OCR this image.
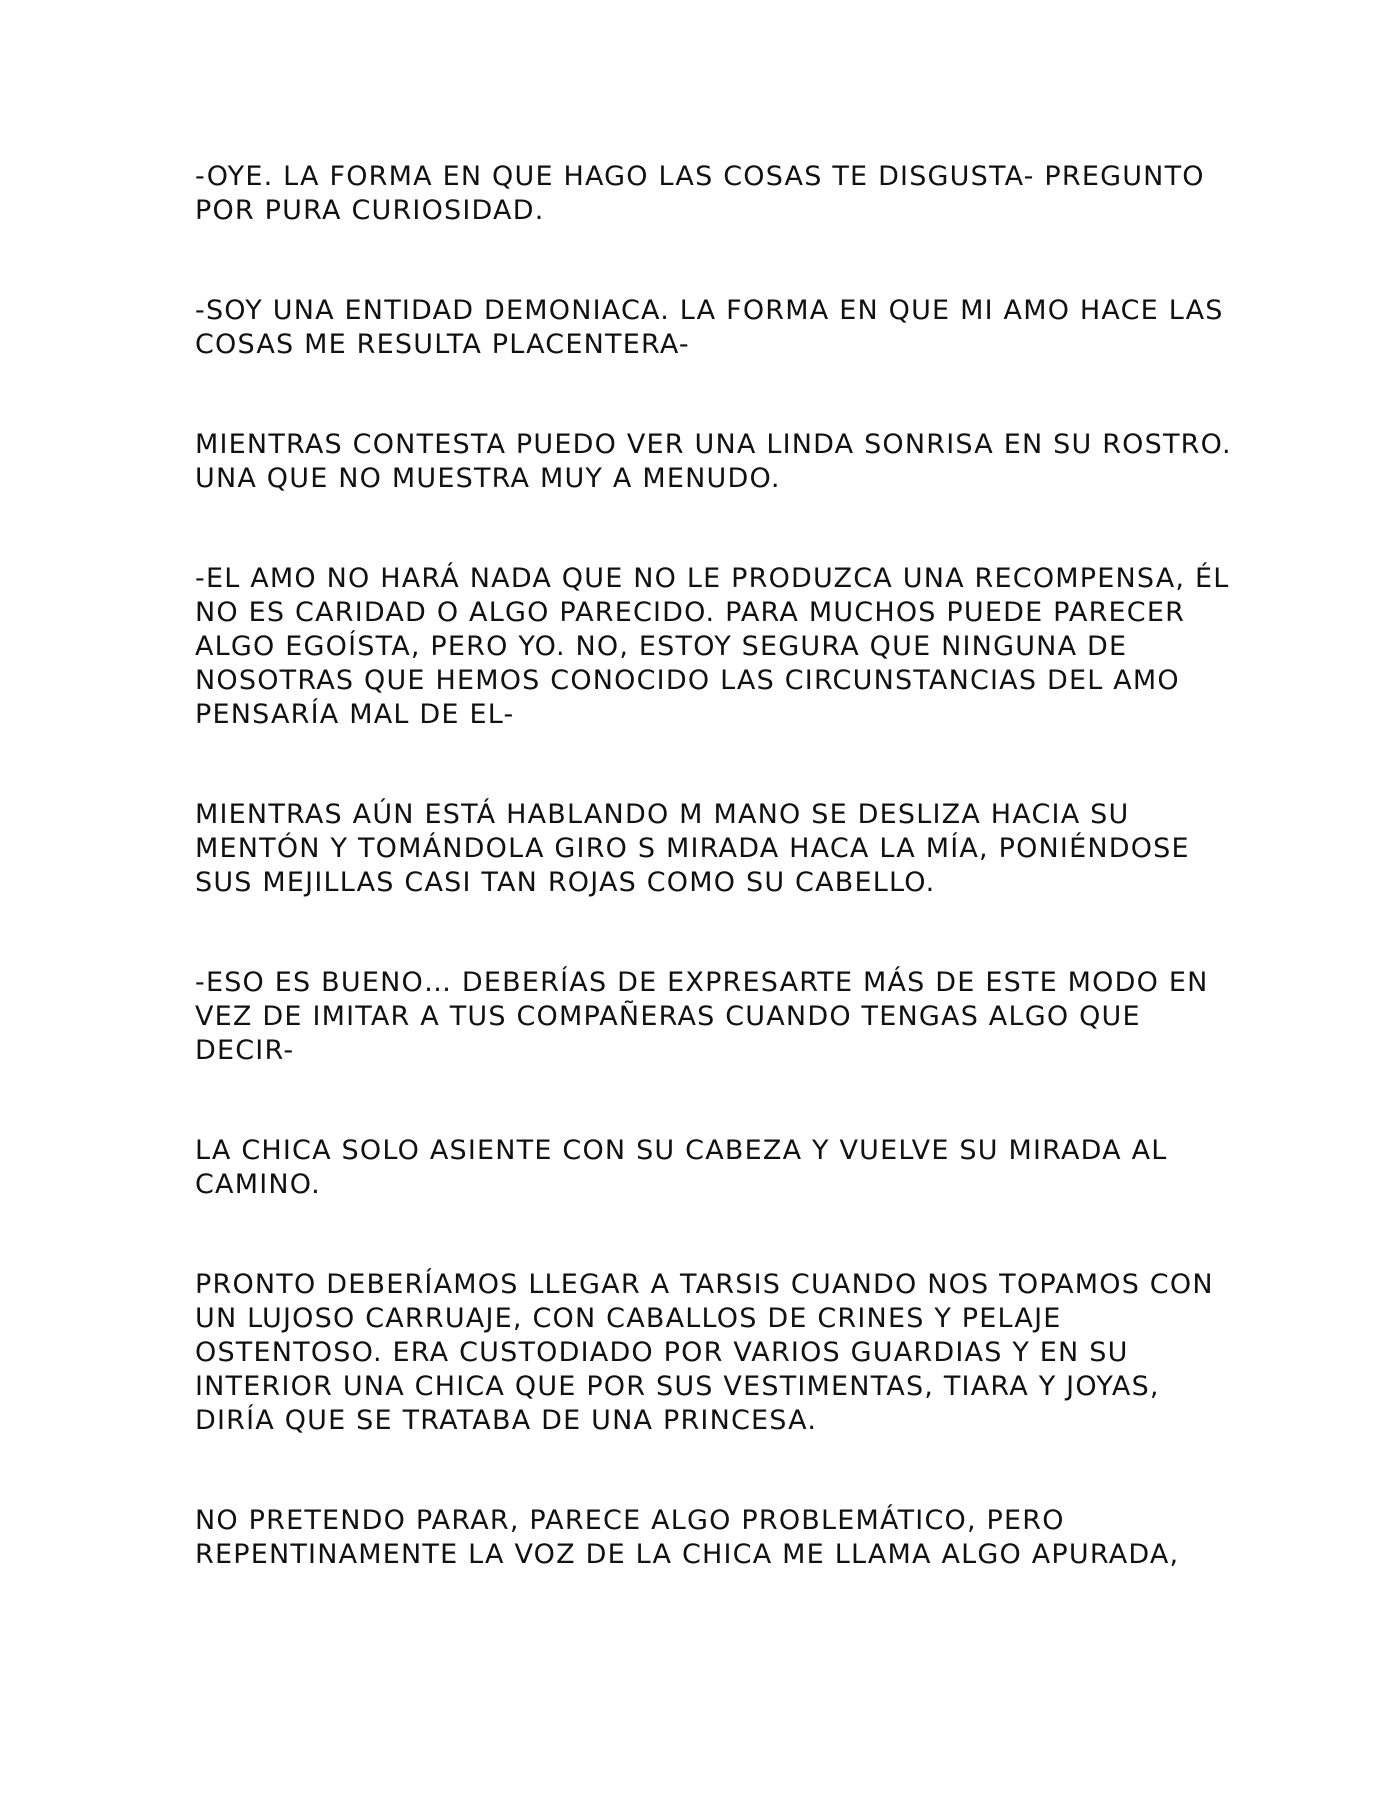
-OYE. LA FORMA EN QUE HAGO LAS COSAS TE DISGUSTA- PREGUNTO POR PURA CURIOSIDAD.

-SOY UNA ENTIDAD DEMONIACA. LA FORMA EN QUE MI AMO HACE LAS COSAS ME RESULTA PLACENTERA-

MIENTRAS CONTESTA PUEDO VER UNA LINDA SONRISA EN SU ROSTRO. UNA QUE NO MUESTRA MUY A MENUDO.

-EL AMO NO HARÁ NADA QUE NO LE PRODUZCA UNA RECOMPENSA, ÉL NO ES CARIDAD O ALGO PARECIDO. PARA MUCHOS PUEDE PARECER ALGO EGOÍSTA, PERO YO. NO, ESTOY SEGURA QUE NINGUNA DE NOSOTRAS QUE HEMOS CONOCIDO LAS CIRCUNSTANCIAS DEL AMO PENSARÍA MAL DE EL-

MIENTRAS AÚN ESTÁ HABLANDO M MANO SE DESLIZA HACIA SU MENTÓN Y TOMÁNDOLA GIRO S MIRADA HACA LA MÍA, PONIÉNDOSE SUS MEJILLAS CASI TAN ROJAS COMO SU CABELLO.

-ESO ES BUENO… DEBERÍAS DE EXPRESARTE MÁS DE ESTE MODO EN VEZ DE IMITAR A TUS COMPAÑERAS CUANDO TENGAS ALGO QUE DECIR-

LA CHICA SOLO ASIENTE CON SU CABEZA Y VUELVE SU MIRADA AL CAMINO.

PRONTO DEBERÍAMOS LLEGAR A TARSIS CUANDO NOS TOPAMOS CON UN LUJOSO CARRUAJE, CON CABALLOS DE CRINES Y PELAJE OSTENTOSO. ERA CUSTODIADO POR VARIOS GUARDIAS Y EN SU INTERIOR UNA CHICA QUE POR SUS VESTIMENTAS, TIARA Y JOYAS, DIRÍA QUE SE TRATABA DE UNA PRINCESA.

NO PRETENDO PARAR, PARECE ALGO PROBLEMÁTICO, PERO REPENTINAMENTE LA VOZ DE LA CHICA ME LLAMA ALGO APURADA,
